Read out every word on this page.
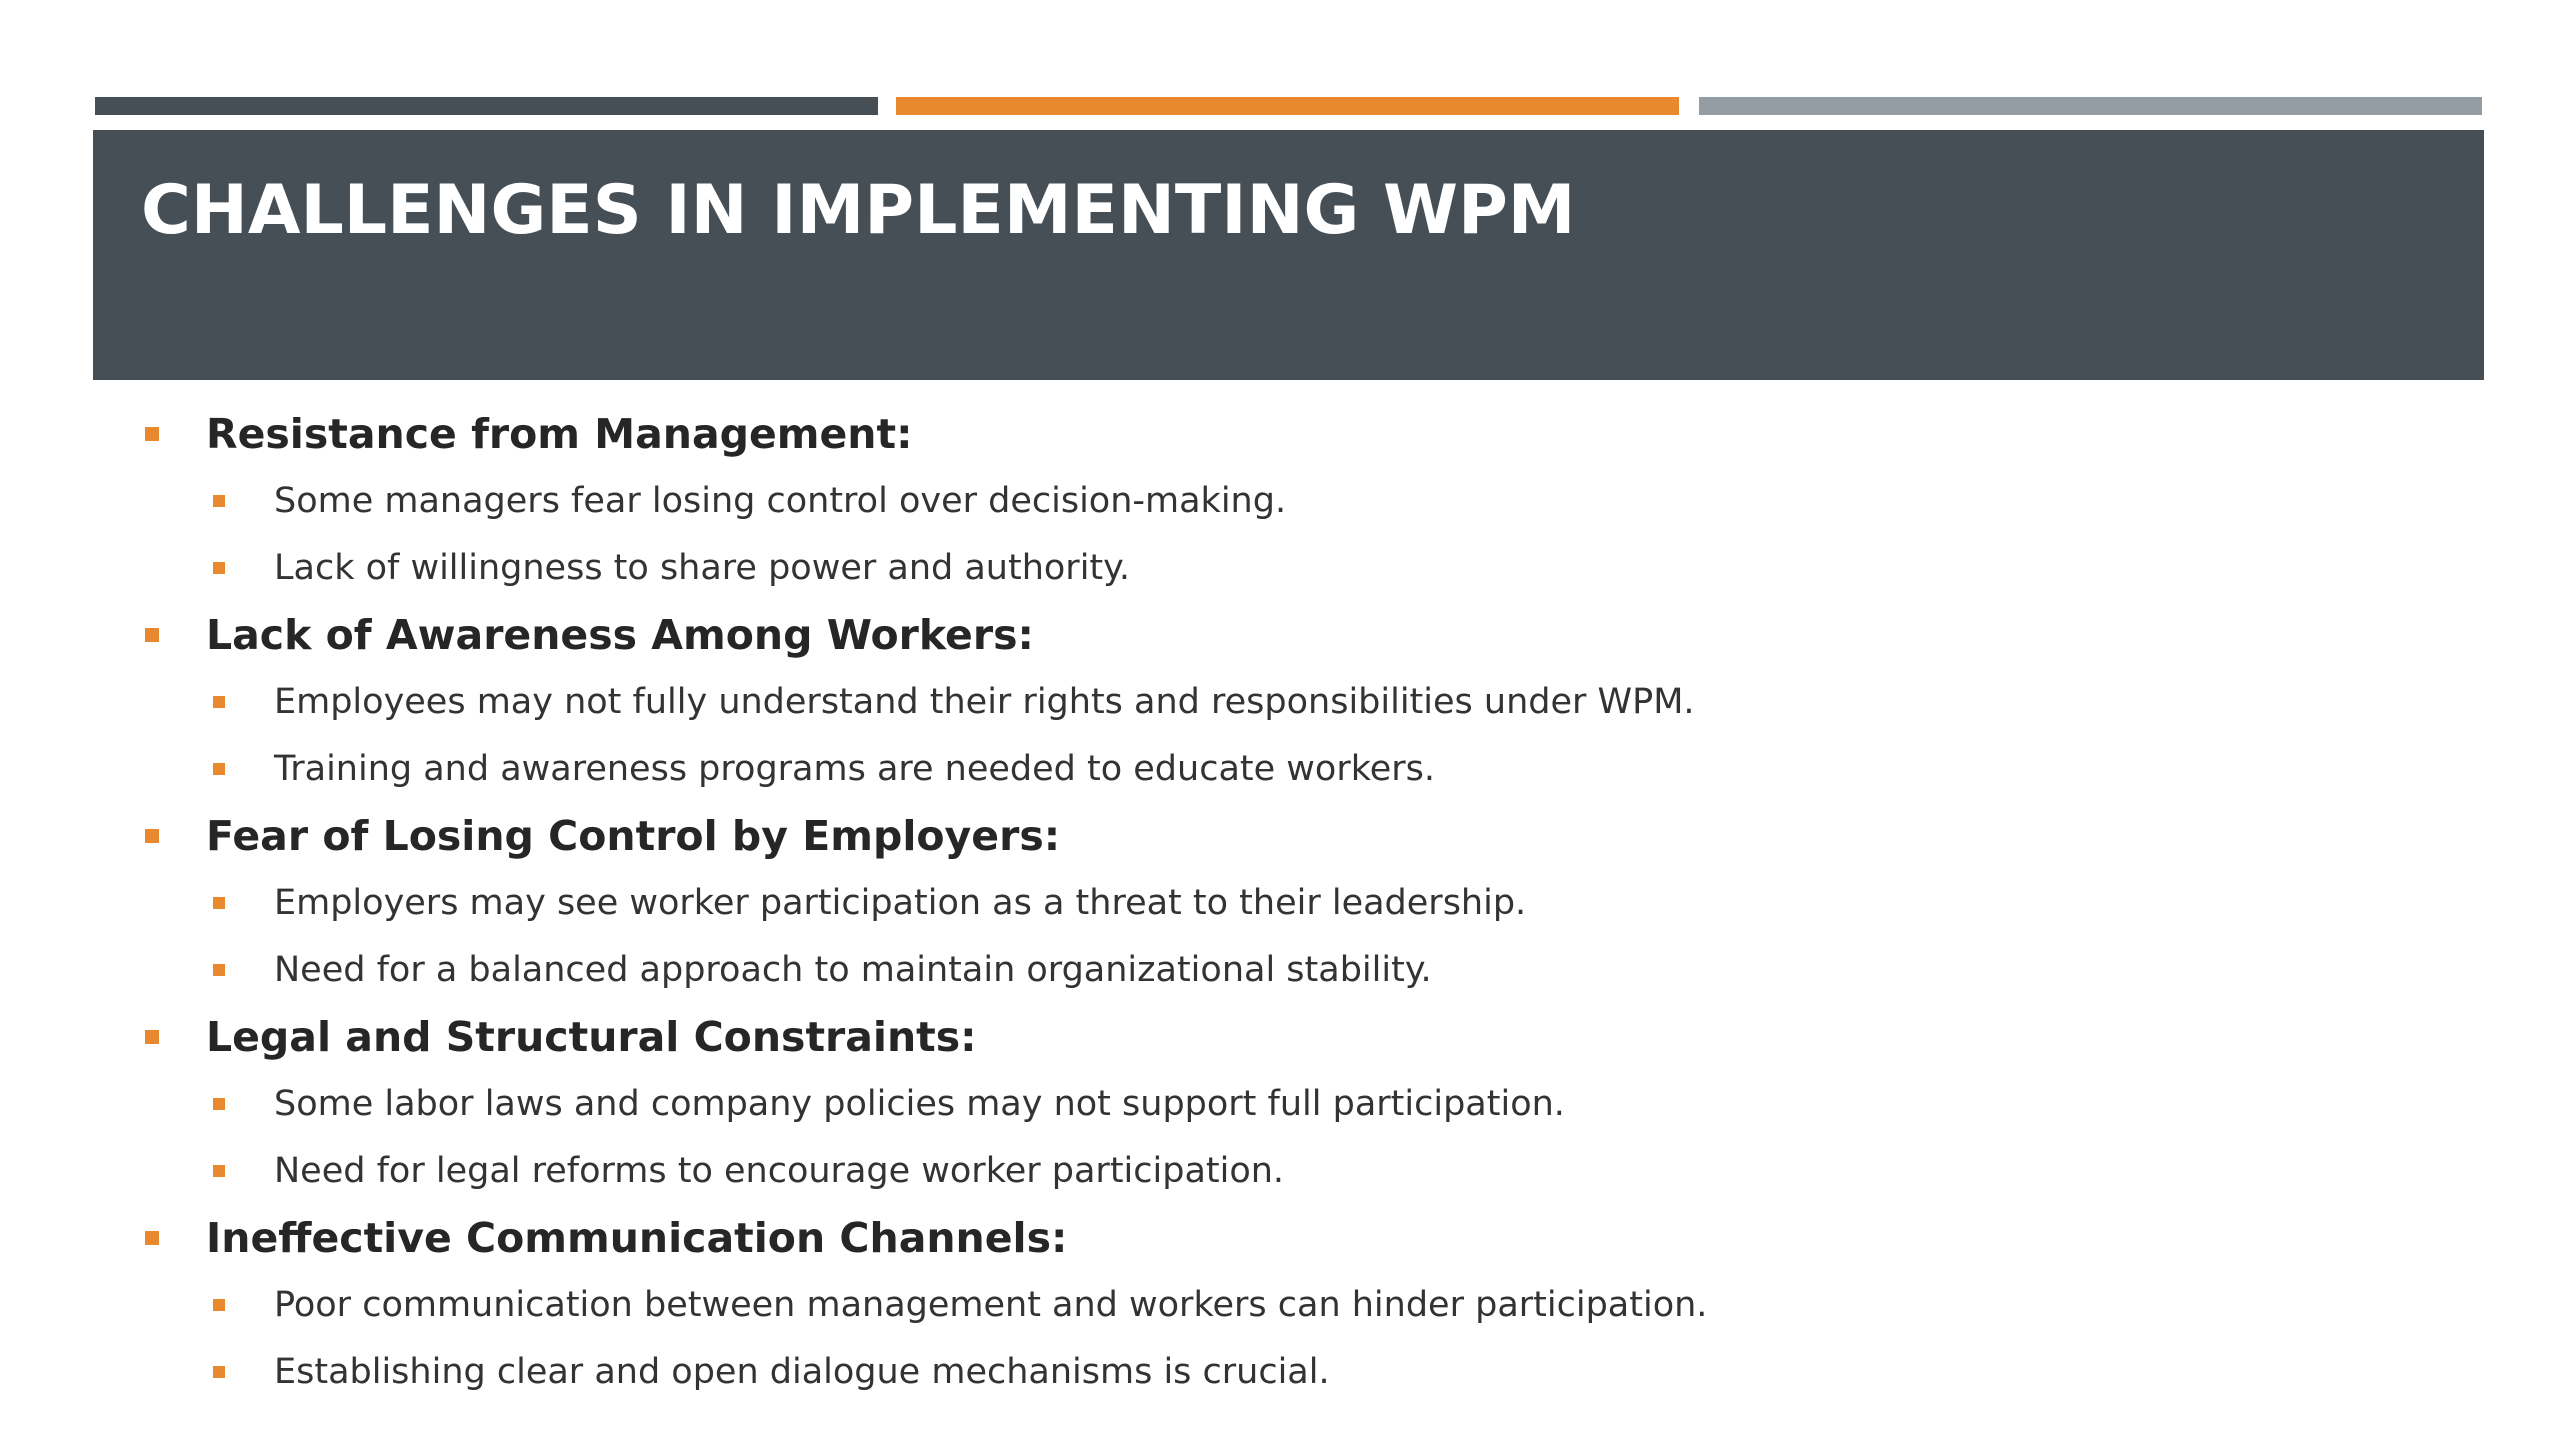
CHALLENGES IN IMPLEMENTING WPM
Resistance from Management:
Some managers fear losing control over decision-making.
Lack of willingness to share power and authority.
Lack of Awareness Among Workers:
Employees may not fully understand their rights and responsibilities under WPM.
Training and awareness programs are needed to educate workers.
Fear of Losing Control by Employers:
Employers may see worker participation as a threat to their leadership.
Need for a balanced approach to maintain organizational stability.
Legal and Structural Constraints:
Some labor laws and company policies may not support full participation.
Need for legal reforms to encourage worker participation.
Ineffective Communication Channels:
Poor communication between management and workers can hinder participation.
Establishing clear and open dialogue mechanisms is crucial.
